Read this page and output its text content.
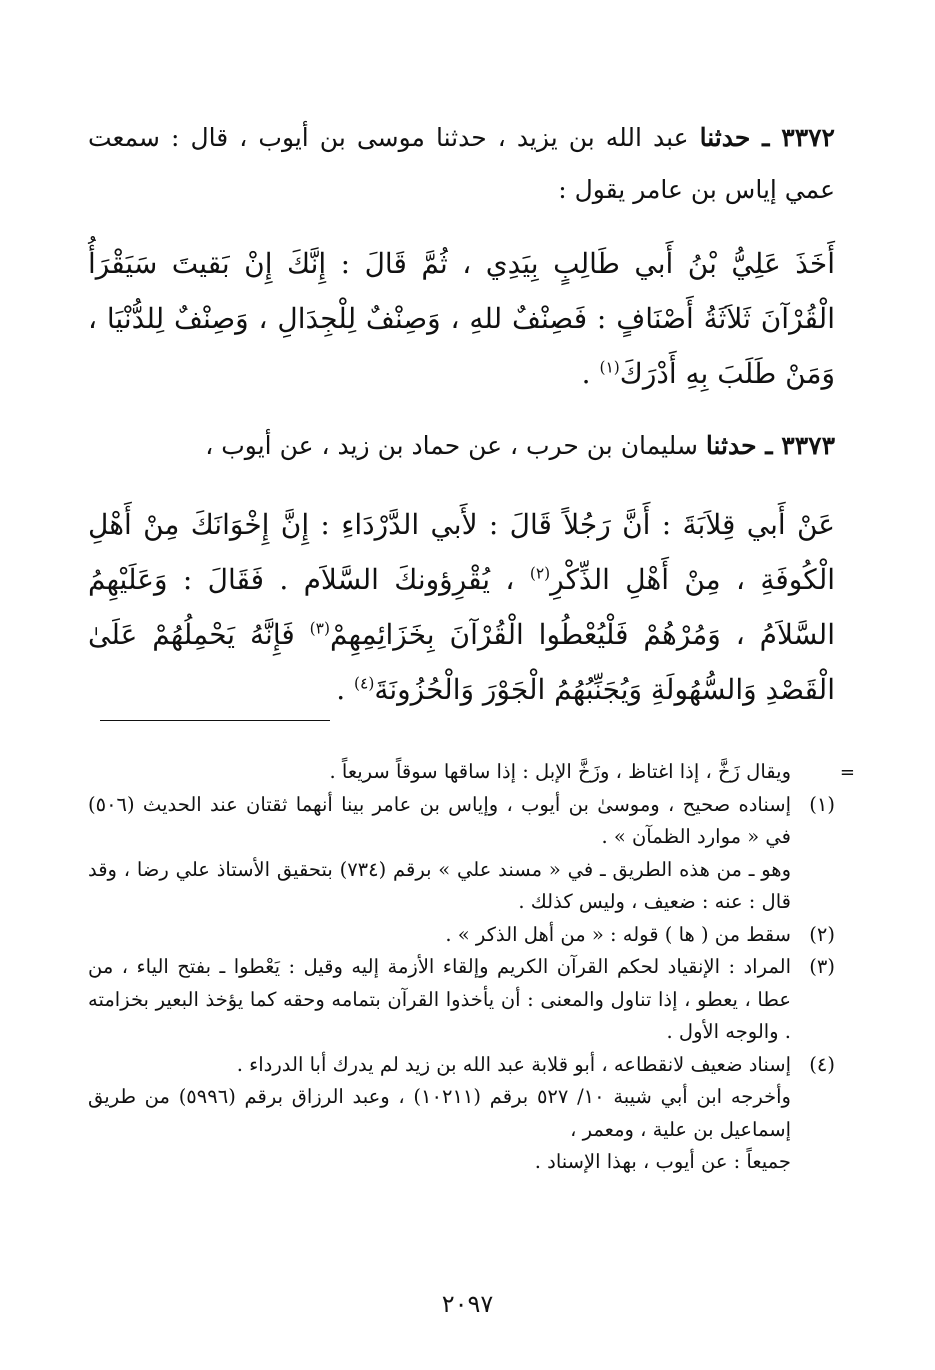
٣٣٧٢ ـ حدثنا عبد الله بن يزيد ، حدثنا موسى بن أيوب ، قال : سمعت عمي إياس بن عامر يقول :
أَخَذَ عَلِيُّ بْنُ أَبي طَالِبٍ بِيَدِي ، ثُمَّ قَالَ : إِنَّكَ إِنْ بَقيتَ سَيَقْرَأُ الْقُرْآنَ ثَلاَثَةُ أَصْنَافٍ : فَصِنْفٌ للهِ ، وَصِنْفٌ لِلْجِدَالِ ، وَصِنْفٌ لِلدُّنْيَا ، وَمَنْ طَلَبَ بِهِ أَدْرَكَ$^{(١)}$ .
٣٣٧٣ ـ حدثنا سليمان بن حرب ، عن حماد بن زيد ، عن أيوب ،
عَنْ أَبي قِلاَبَةَ : أَنَّ رَجُلاً قَالَ : لأَبي الدَّرْدَاءِ : إِنَّ إِخْوَانَكَ مِنْ أَهْلِ الْكُوفَةِ ، مِنْ أَهْلِ الذِّكْرِ$^{(٢)}$ ، يُقْرِؤونكَ السَّلاَم . فَقَالَ : وَعَلَيْهِمُ السَّلاَمُ ، وَمُرْهُمْ فَلْيُعْطُوا الْقُرْآنَ بِخَزَائِمِهِمْ$^{(٣)}$ فَإِنَّهُ يَحْمِلُهُمْ عَلَىٰ الْقَصْدِ وَالسُّهُولَةِ وَيُجَنِّبُهُمُ الْجَوْرَ وَالْحُزُونَةَ$^{(٤)}$ .
=
ويقال زَخَّ ، إذا اغتاظ ، وزَخَّ الإبل : إذا ساقها سوقاً سريعاً .
(١)
إسناده صحيح ، وموسىٰ بن أيوب ، وإياس بن عامر بينا أنهما ثقتان عند الحديث (٥٠٦) في « موارد الظمآن » .
وهو ـ من هذه الطريق ـ في « مسند علي » برقم (٧٣٤) بتحقيق الأستاذ علي رضا ، وقد قال : عنه : ضعيف ، وليس كذلك .
(٢)
سقط من ( ها ) قوله : « من أهل الذكر » .
(٣)
المراد : الإنقياد لحكم القرآن الكريم وإلقاء الأزمة إليه وقيل : يَعْطوا ـ بفتح الياء ، من عطا ، يعطو ، إذا تناول والمعنى : أن يأخذوا القرآن بتمامه وحقه كما يؤخذ البعير بخزامته . والوجه الأول .
(٤)
إسناد ضعيف لانقطاعه ، أبو قلابة عبد الله بن زيد لم يدرك أبا الدرداء .
وأخرجه ابن أبي شيبة ١٠/ ٥٢٧ برقم (١٠٢١١) ، وعبد الرزاق برقم (٥٩٩٦) من طريق إسماعيل بن علية ، ومعمر ،
جميعاً : عن أيوب ، بهذا الإسناد .
٢٠٩٧
